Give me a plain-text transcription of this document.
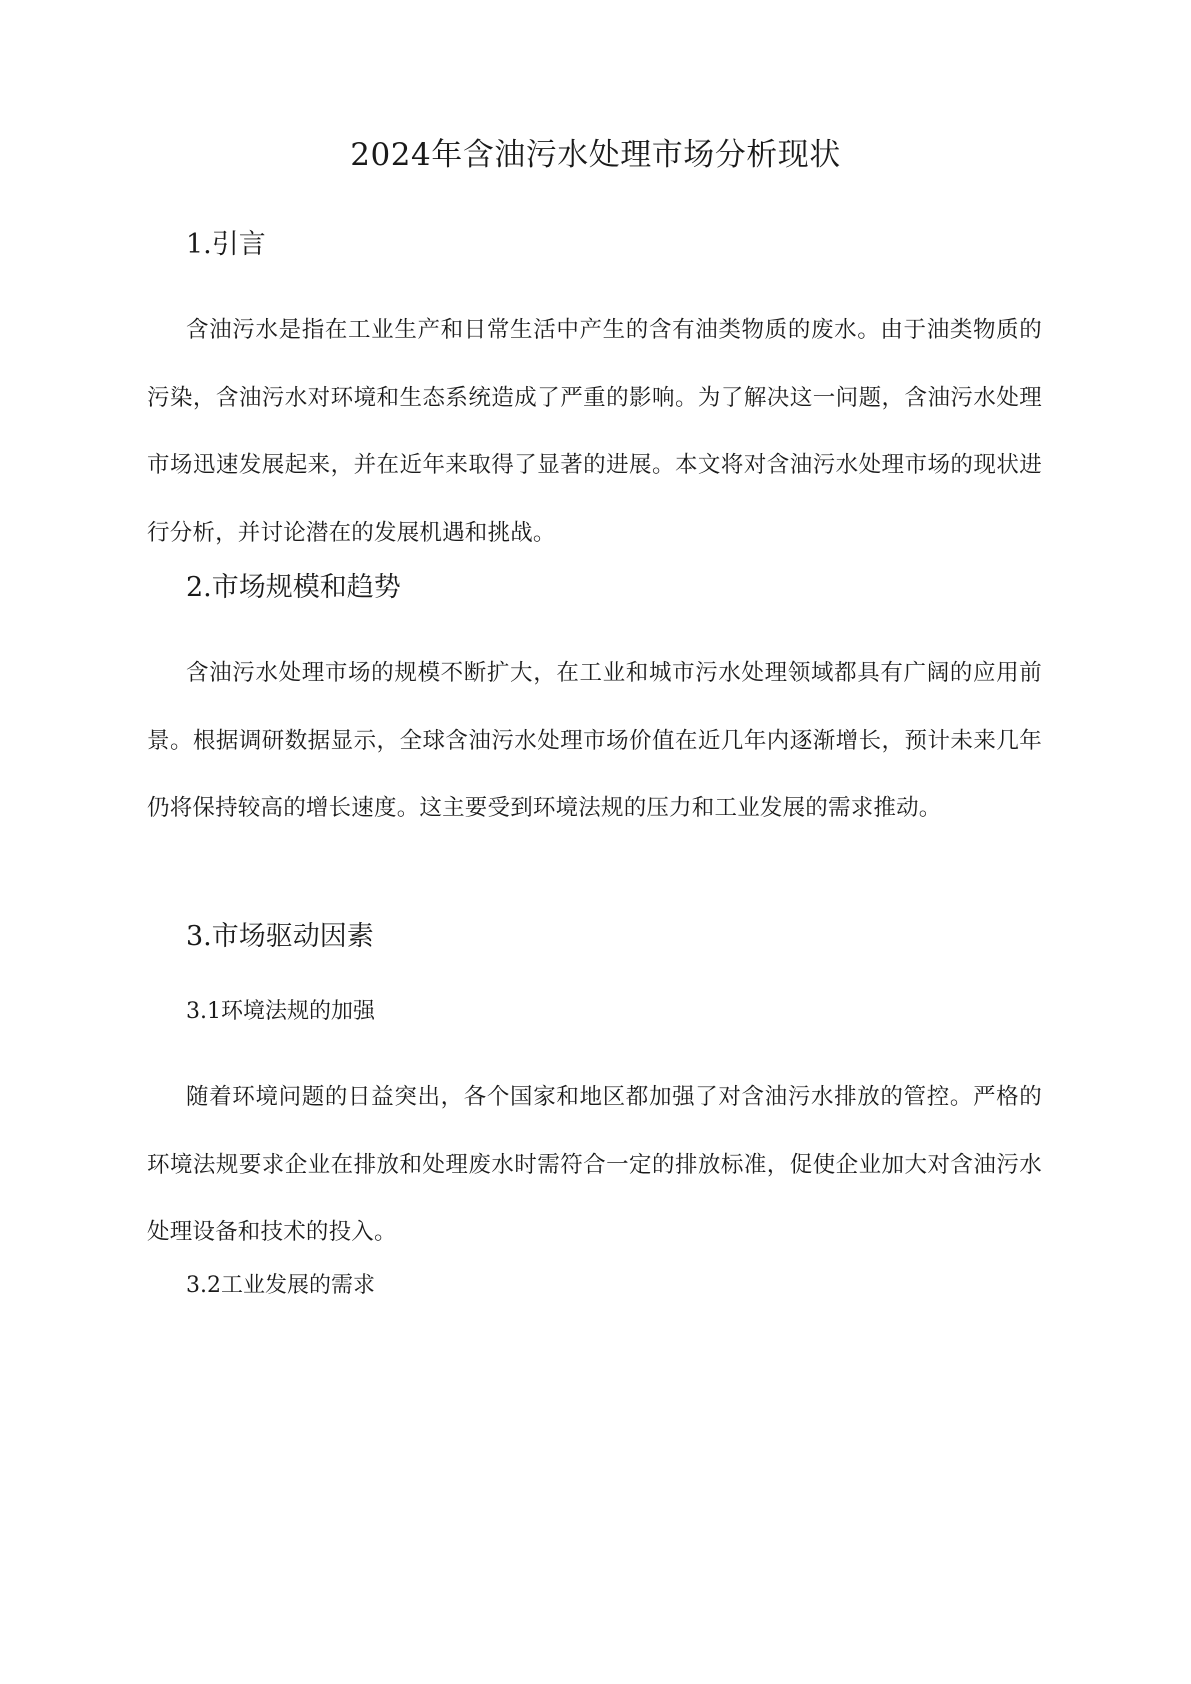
2024年含油污水处理市场分析现状
1.引言

含油污水是指在工业生产和日常生活中产生的含有油类物质的废水。由于油类物质的污染，含油污水对环境和生态系统造成了严重的影响。为了解决这一问题，含油污水处理市场迅速发展起来，并在近年来取得了显著的进展。本文将对含油污水处理市场的现状进行分析，并讨论潜在的发展机遇和挑战。

2.市场规模和趋势

含油污水处理市场的规模不断扩大，在工业和城市污水处理领域都具有广阔的应用前景。根据调研数据显示，全球含油污水处理市场价值在近几年内逐渐增长，预计未来几年仍将保持较高的增长速度。这主要受到环境法规的压力和工业发展的需求推动。

3.市场驱动因素
3.1环境法规的加强

随着环境问题的日益突出，各个国家和地区都加强了对含油污水排放的管控。严格的环境法规要求企业在排放和处理废水时需符合一定的排放标准，促使企业加大对含油污水处理设备和技术的投入。

3.2工业发展的需求
